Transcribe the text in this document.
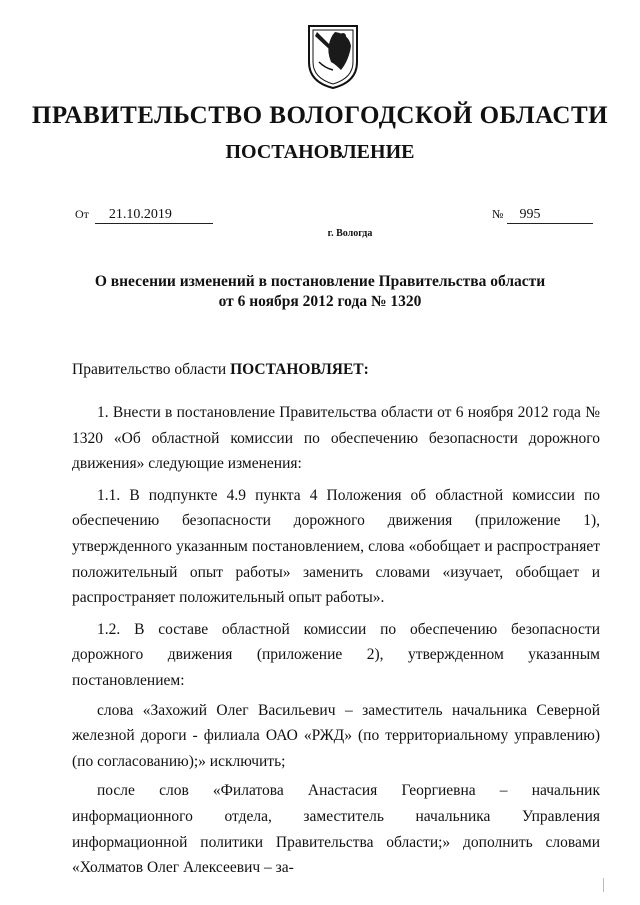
ПРАВИТЕЛЬСТВО ВОЛОГОДСКОЙ ОБЛАСТИ
ПОСТАНОВЛЕНИЕ
От 21.10.2019	№ 995
г. Вологда
О внесении изменений в постановление Правительства области
от 6 ноября 2012 года № 1320
Правительство области ПОСТАНОВЛЯЕТ:

1. Внести в постановление Правительства области от 6 ноября 2012 года № 1320 «Об областной комиссии по обеспечению безопасности дорожного движения» следующие изменения:

1.1. В подпункте 4.9 пункта 4 Положения об областной комиссии по обеспечению безопасности дорожного движения (приложение 1), утвержденного указанным постановлением, слова «обобщает и распространяет положительный опыт работы» заменить словами «изучает, обобщает и распространяет положительный опыт работы».

1.2. В составе областной комиссии по обеспечению безопасности дорожного движения (приложение 2), утвержденном указанным постановлением:

слова «Захожий Олег Васильевич – заместитель начальника Северной железной дороги - филиала ОАО «РЖД» (по территориальному управлению) (по согласованию);» исключить;

после слов «Филатова Анастасия Георгиевна – начальник информационного отдела, заместитель начальника Управления информационной политики Правительства области;» дополнить словами «Холматов Олег Алексеевич – за-
